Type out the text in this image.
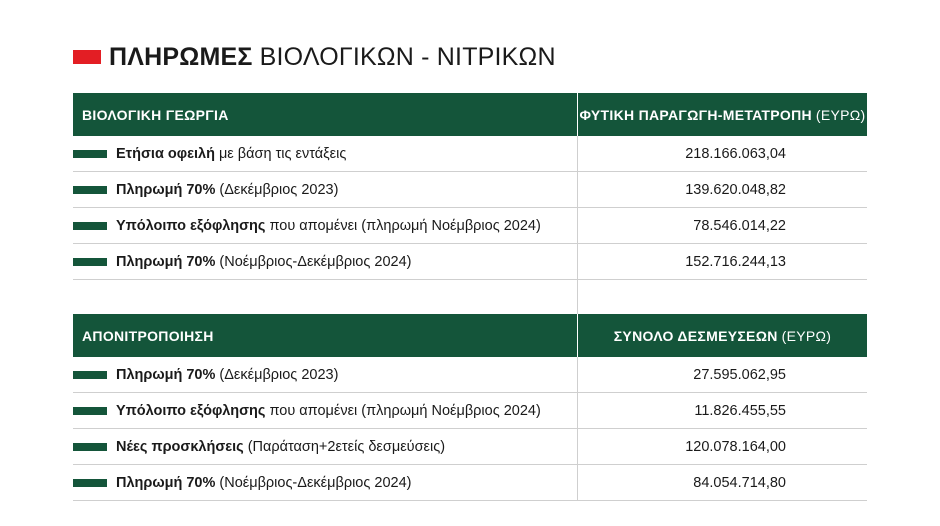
ΠΛΗΡΩΜΕΣ ΒΙΟΛΟΓΙΚΩΝ - ΝΙΤΡΙΚΩΝ
ΒΙΟΛΟΓΙΚΗ ΓΕΩΡΓΙΑ	ΦΥΤΙΚΗ ΠΑΡΑΓΩΓΗ-ΜΕΤΑΤΡΟΠΗ (ΕΥΡΩ)
Ετήσια οφειλή με βάση τις εντάξεις	218.166.063,04
Πληρωμή 70% (Δεκέμβριος 2023)	139.620.048,82
Υπόλοιπο εξόφλησης που απομένει (πληρωμή Νοέμβριος 2024)	78.546.014,22
Πληρωμή 70% (Νοέμβριος-Δεκέμβριος 2024)	152.716.244,13
ΑΠΟΝΙΤΡΟΠΟΙΗΣΗ	ΣΥΝΟΛΟ ΔΕΣΜΕΥΣΕΩΝ (ΕΥΡΩ)
Πληρωμή 70% (Δεκέμβριος 2023)	27.595.062,95
Υπόλοιπο εξόφλησης που απομένει (πληρωμή Νοέμβριος 2024)	11.826.455,55
Νέες προσκλήσεις (Παράταση+2ετείς δεσμεύσεις)	120.078.164,00
Πληρωμή 70% (Νοέμβριος-Δεκέμβριος 2024)	84.054.714,80
